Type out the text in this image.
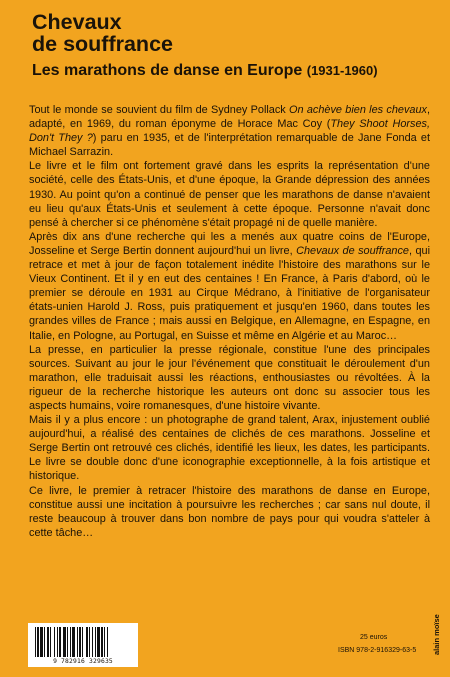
Chevaux
de souffrance
Les marathons de danse en Europe (1931-1960)

Tout le monde se souvient du film de Sydney Pollack On achève bien les chevaux, adapté, en 1969, du roman éponyme de Horace Mac Coy (They Shoot Horses, Don't They ?) paru en 1935, et de l'interprétation remarquable de Jane Fonda et Michael Sarrazin.

Le livre et le film ont fortement gravé dans les esprits la représentation d'une société, celle des États-Unis, et d'une époque, la Grande dépression des années 1930. Au point qu'on a continué de penser que les marathons de danse n'avaient eu lieu qu'aux États-Unis et seulement à cette époque. Personne n'avait donc pensé à chercher si ce phénomène s'était propagé ni de quelle manière.

Après dix ans d'une recherche qui les a menés aux quatre coins de l'Europe, Josseline et Serge Bertin donnent aujourd'hui un livre, Chevaux de souffrance, qui retrace et met à jour de façon totalement inédite l'histoire des marathons sur le Vieux Continent. Et il y en eut des centaines ! En France, à Paris d'abord, où le premier se déroule en 1931 au Cirque Médrano, à l'initiative de l'organisateur états-unien Harold J. Ross, puis pratiquement et jusqu'en 1960, dans toutes les grandes villes de France ; mais aussi en Belgique, en Allemagne, en Espagne, en Italie, en Pologne, au Portugal, en Suisse et même en Algérie et au Maroc…

La presse, en particulier la presse régionale, constitue l'une des principales sources. Suivant au jour le jour l'événement que constituait le déroulement d'un marathon, elle traduisait aussi les réactions, enthousiastes ou révoltées. À la rigueur de la recherche historique les auteurs ont donc su associer tous les aspects humains, voire romanesques, d'une histoire vivante.

Mais il y a plus encore : un photographe de grand talent, Arax, injustement oublié aujourd'hui, a réalisé des centaines de clichés de ces marathons. Josseline et Serge Bertin ont retrouvé ces clichés, identifié les lieux, les dates, les participants. Le livre se double donc d'une iconographie exceptionnelle, à la fois artistique et historique.

Ce livre, le premier à retracer l'histoire des marathons de danse en Europe, constitue aussi une incitation à poursuivre les recherches ; car sans nul doute, il reste beaucoup à trouver dans bon nombre de pays pour qui voudra s'atteler à cette tâche…

9 782916 329635
25 euros
ISBN 978-2-916329-63-5 alain moïse
